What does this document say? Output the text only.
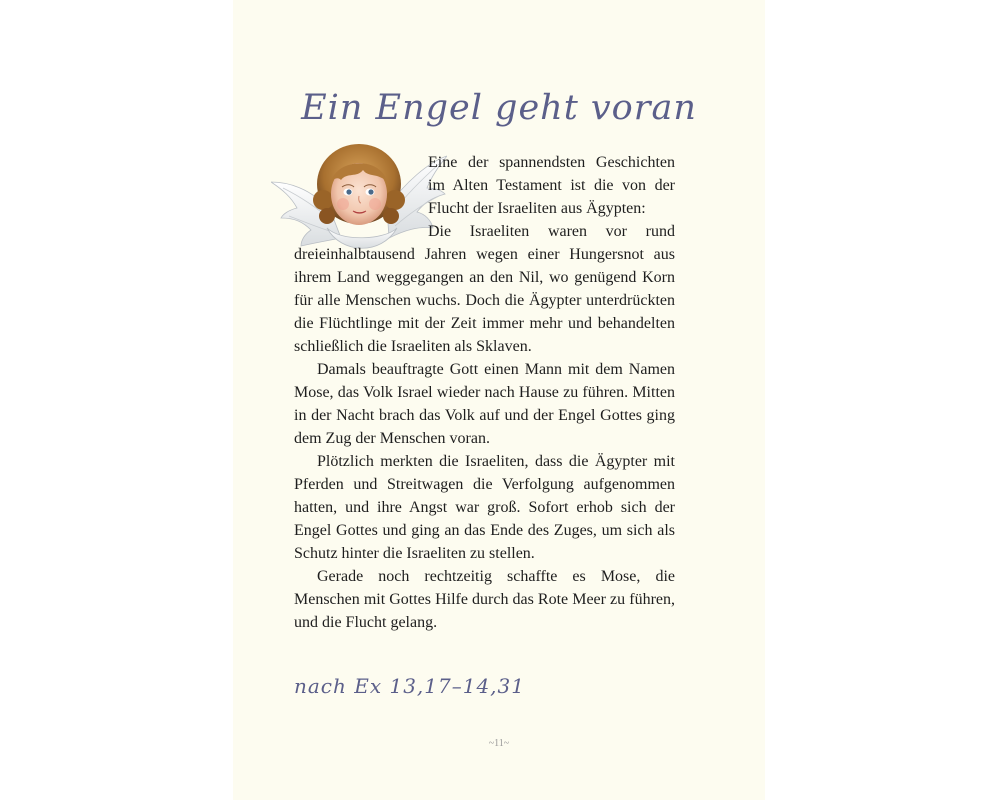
Ein Engel geht voran

Eine der spannendsten Geschichten im Alten Testament ist die von der Flucht der Israeliten aus Ägypten:

Die Israeliten waren vor rund dreieinhalbtausend Jahren wegen einer Hungersnot aus ihrem Land weggegangen an den Nil, wo genügend Korn für alle Menschen wuchs. Doch die Ägypter unterdrückten die Flüchtlinge mit der Zeit immer mehr und behandelten schließlich die Israeliten als Sklaven.

Damals beauftragte Gott einen Mann mit dem Namen Mose, das Volk Israel wieder nach Hause zu führen. Mitten in der Nacht brach das Volk auf und der Engel Gottes ging dem Zug der Menschen voran.

Plötzlich merkten die Israeliten, dass die Ägypter mit Pferden und Streitwagen die Verfolgung aufgenommen hatten, und ihre Angst war groß. Sofort erhob sich der Engel Gottes und ging an das Ende des Zuges, um sich als Schutz hinter die Israeliten zu stellen.

Gerade noch rechtzeitig schaffte es Mose, die Menschen mit Gottes Hilfe durch das Rote Meer zu führen, und die Flucht gelang.

nach Ex 13,17–14,31
~11~
